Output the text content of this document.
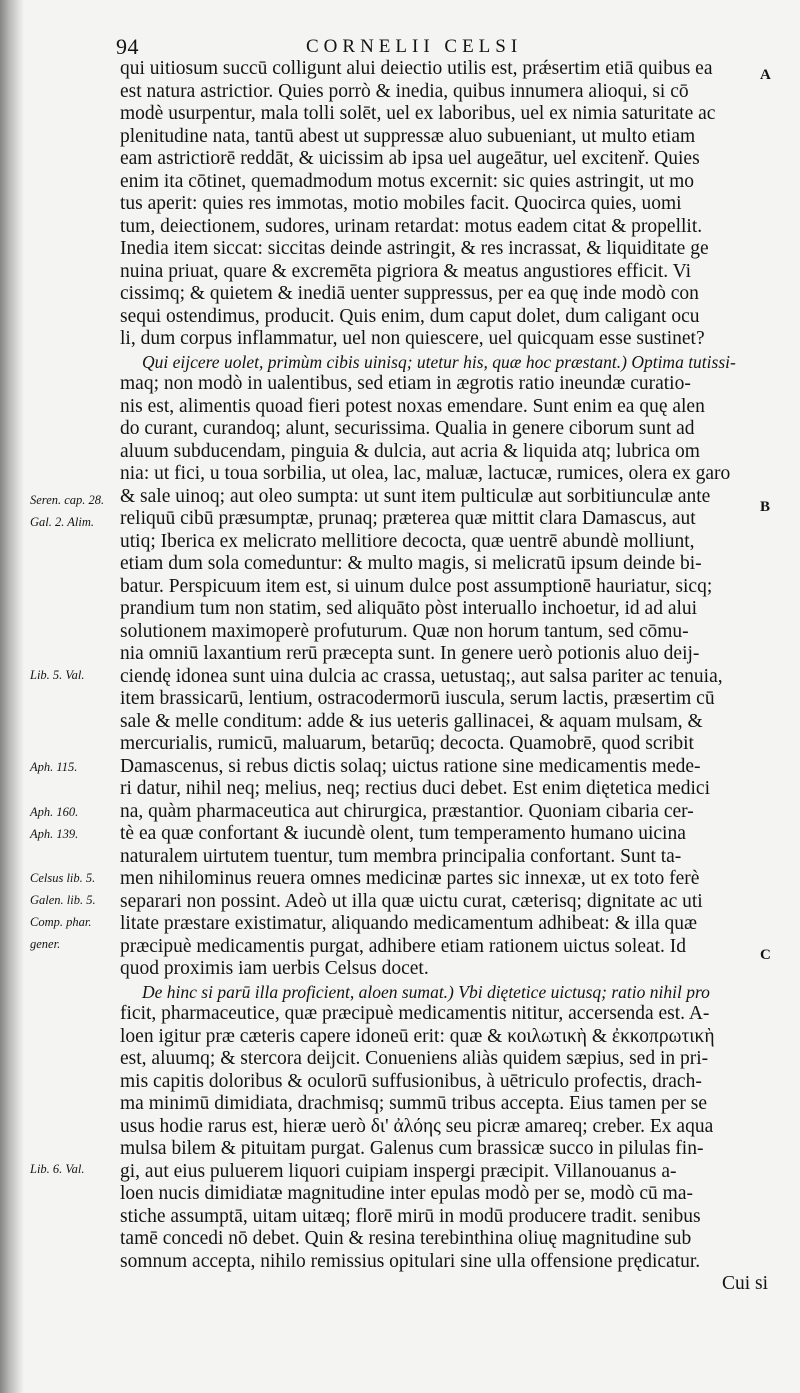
94	CORNELII CELSI
qui uitiosum succū colligunt alui deiectio utilis est, prǽsertim etiā quibus ea
est natura astrictior. Quies porrò & inedia, quibus innumera alioqui, si cō
modè usurpentur, mala tolli solēt, uel ex laboribus, uel ex nimia saturitate ac
plenitudine nata, tantū abest ut suppressæ aluo subueniant, ut multo etiam
eam astrictiorē reddāt, & uicissim ab ipsa uel augeātur, uel excitenř. Quies
enim ita cōtinet, quemadmodum motus excernit: sic quies astringit, ut mo
tus aperit: quies res immotas, motio mobiles facit. Quocirca quies, uomi
tum, deiectionem, sudores, urinam retardat: motus eadem citat & propellit.
Inedia item siccat: siccitas deinde astringit, & res incrassat, & liquiditate ge
nuina priuat, quare & excremēta pigriora & meatus angustiores efficit. Vi
cissimq; & quietem & inediā uenter suppressus, per ea quę inde modò con
sequi ostendimus, producit. Quis enim, dum caput dolet, dum caligant ocu
li, dum corpus inflammatur, uel non quiescere, uel quicquam esse sustinet?
Qui eijcere uolet, primùm cibis uinisq; utetur his, quæ hoc præstant.) Optima tutissi-
maq; non modò in ualentibus, sed etiam in ægrotis ratio ineundæ curatio-
nis est, alimentis quoad fieri potest noxas emendare. Sunt enim ea quę alen
do curant, curandoq; alunt, securissima. Qualia in genere ciborum sunt ad
aluum subducendam, pinguia & dulcia, aut acria & liquida atq; lubrica om
nia: ut fici, u toua sorbilia, ut olea, lac, maluæ, lactucæ, rumices, olera ex garo
& sale uinoq; aut oleo sumpta: ut sunt item pulticulæ aut sorbitiunculæ ante
reliquū cibū præsumptæ, prunaq; præterea quæ mittit clara Damascus, aut
utiq; Iberica ex melicrato mellitiore decocta, quæ uentrē abundè molliunt,
etiam dum sola comeduntur: & multo magis, si melicratū ipsum deinde bi-
batur. Perspicuum item est, si uinum dulce post assumptionē hauriatur, sicq;
prandium tum non statim, sed aliquāto pòst interuallo inchoetur, id ad alui
solutionem maximoperè profuturum. Quæ non horum tantum, sed cōmu-
nia omniū laxantium rerū præcepta sunt. In genere uerò potionis aluo deij-
ciendę idonea sunt uina dulcia ac crassa, uetustaq;, aut salsa pariter ac tenuia,
item brassicarū, lentium, ostracodermorū iuscula, serum lactis, præsertim cū
sale & melle conditum: adde & ius ueteris gallinacei, & aquam mulsam, &
mercurialis, rumicū, maluarum, betarūq; decocta. Quamobrē, quod scribit
Damascenus, si rebus dictis solaq; uictus ratione sine medicamentis mede-
ri datur, nihil neq; melius, neq; rectius duci debet. Est enim diętetica medici
na, quàm pharmaceutica aut chirurgica, præstantior. Quoniam cibaria cer-
tè ea quæ confortant & iucundè olent, tum temperamento humano uicina
naturalem uirtutem tuentur, tum membra principalia confortant. Sunt ta-
men nihilominus reuera omnes medicinæ partes sic innexæ, ut ex toto ferè
separari non possint. Adeò ut illa quæ uictu curat, cæterisq; dignitate ac uti
litate præstare existimatur, aliquando medicamentum adhibeat: & illa quæ
præcipuè medicamentis purgat, adhibere etiam rationem uictus soleat. Id
quod proximis iam uerbis Celsus docet.
De hinc si parū illa proficient, aloen sumat.) Vbi diętetice uictusq; ratio nihil pro
ficit, pharmaceutice, quæ præcipuè medicamentis nititur, accersenda est. A-
loen igitur præ cæteris capere idoneū erit: quæ & κοιλωτικὴ & ἐκκοπρωτικὴ
est, aluumq; & stercora deijcit. Conueniens aliàs quidem sæpius, sed in pri-
mis capitis doloribus & oculorū suffusionibus, à uētriculo profectis, drach-
ma minimū dimidiata, drachmisq; summū tribus accepta. Eius tamen per se
usus hodie rarus est, hieræ uerò δι' ἀλόης seu picræ amareq; creber. Ex aqua
mulsa bilem & pituitam purgat. Galenus cum brassicæ succo in pilulas fin-
gi, aut eius puluerem liquori cuipiam inspergi præcipit. Villanouanus a-
loen nucis dimidiatæ magnitudine inter epulas modò per se, modò cū ma-
stiche assumptā, uitam uitæq; florē mirū in modū producere tradit. senibus
tamē concedi nō debet. Quin & resina terebinthina oliuę magnitudine sub
somnum accepta, nihilo remissius opitulari sine ulla offensione prędicatur.
Cui si
Seren. cap. 28.
Gal. 2. Alim.
Lib. 5. Val.
Aph. 115.
Aph. 160.
Aph. 139.
Celsus lib. 5.
Galen. lib. 5.
Comp. phar.
gener.
Lib. 6. Val.
A
B
C
